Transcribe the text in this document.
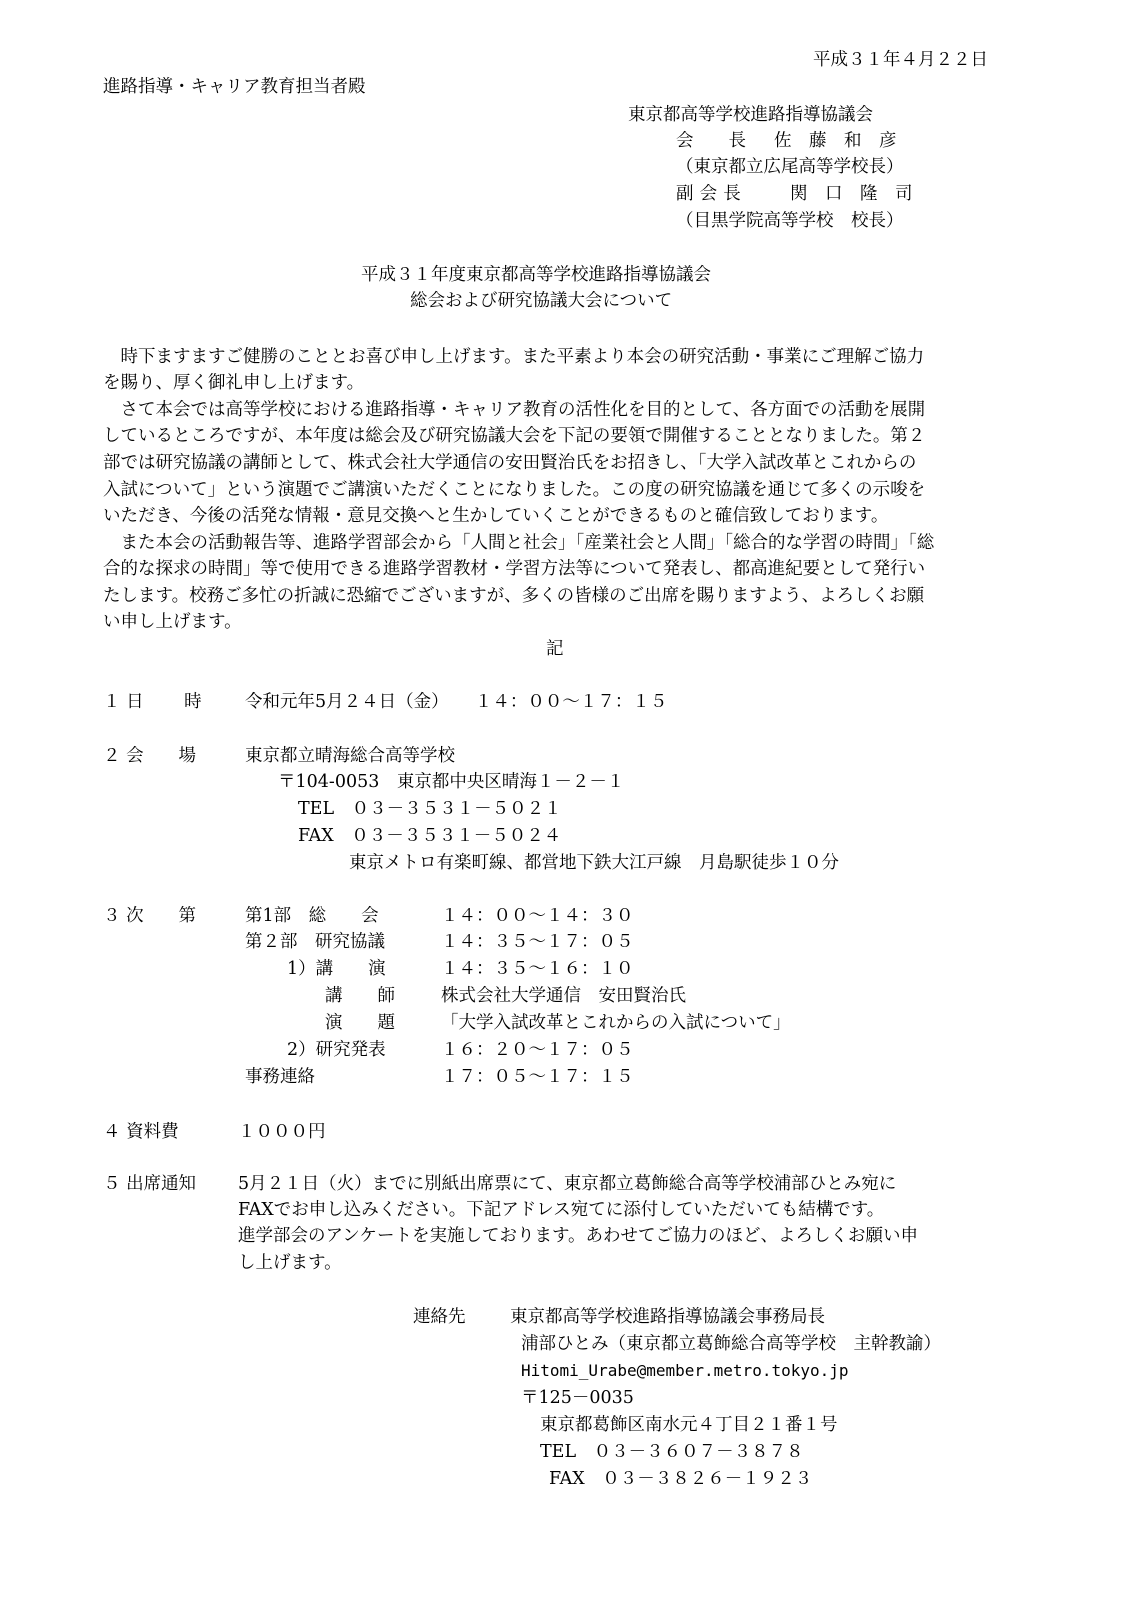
平成３１年４月２２日
進路指導・キャリア教育担当者殿
東京都高等学校進路指導協議会
会　　長 佐　藤　和　彦
（東京都立広尾高等学校長）
副会長 関　口　隆　司
（目黒学院高等学校　校長）
平成３１年度東京都高等学校進路指導協議会
総会および研究協議大会について
　時下ますますご健勝のこととお喜び申し上げます。また平素より本会の研究活動・事業にご理解ご協力
を賜り、厚く御礼申し上げます。
　さて本会では高等学校における進路指導・キャリア教育の活性化を目的として、各方面での活動を展開
しているところですが、本年度は総会及び研究協議大会を下記の要領で開催することとなりました。第２
部では研究協議の講師として、株式会社大学通信の安田賢治氏をお招きし、「大学入試改革とこれからの
入試について」という演題でご講演いただくことになりました。この度の研究協議を通じて多くの示唆を
いただき、今後の活発な情報・意見交換へと生かしていくことができるものと確信致しております。
　また本会の活動報告等、進路学習部会から「人間と社会」「産業社会と人間」「総合的な学習の時間」「総
合的な探求の時間」等で使用できる進路学習教材・学習方法等について発表し、都高進紀要として発行い
たします。校務ご多忙の折誠に恐縮でございますが、多くの皆様のご出席を賜りますよう、よろしくお願
い申し上げます。
記
１ 日　　 時 令和元年5月２４日（金）　　１４：００～１７：１５
２ 会　　場	東京都立晴海総合高等学校
〒104-0053　東京都中央区晴海１－２－１
TEL　０３－３５３１－５０２１
FAX　０３－３５３１－５０２４
東京メトロ有楽町線、都営地下鉄大江戸線　月島駅徒歩１０分
３ 次　　第	第1部　総　　会	１４：００～１４：３０
第２部　研究協議	１４：３５～１７：０５
1）講　　演	１４：３５～１６：１０
講　　師	株式会社大学通信　安田賢治氏
演　　題	「大学入試改革とこれからの入試について」
2）研究発表	１６：２０～１７：０５
事務連絡	１７：０５～１７：１５
４ 資料費	１０００円
５ 出席通知 5月２１日（火）までに別紙出席票にて、東京都立葛飾総合高等学校浦部ひとみ宛に
FAXでお申し込みください。下記アドレス宛てに添付していただいても結構です。
進学部会のアンケートを実施しております。あわせてご協力のほど、よろしくお願い申
し上げます。
連絡先	東京都高等学校進路指導協議会事務局長
浦部ひとみ（東京都立葛飾総合高等学校　主幹教諭）
Hitomi_Urabe@member.metro.tokyo.jp
〒125－0035
東京都葛飾区南水元４丁目２１番１号
TEL　０３－３６０７－３８７８
FAX　０３－３８２６－１９２３
